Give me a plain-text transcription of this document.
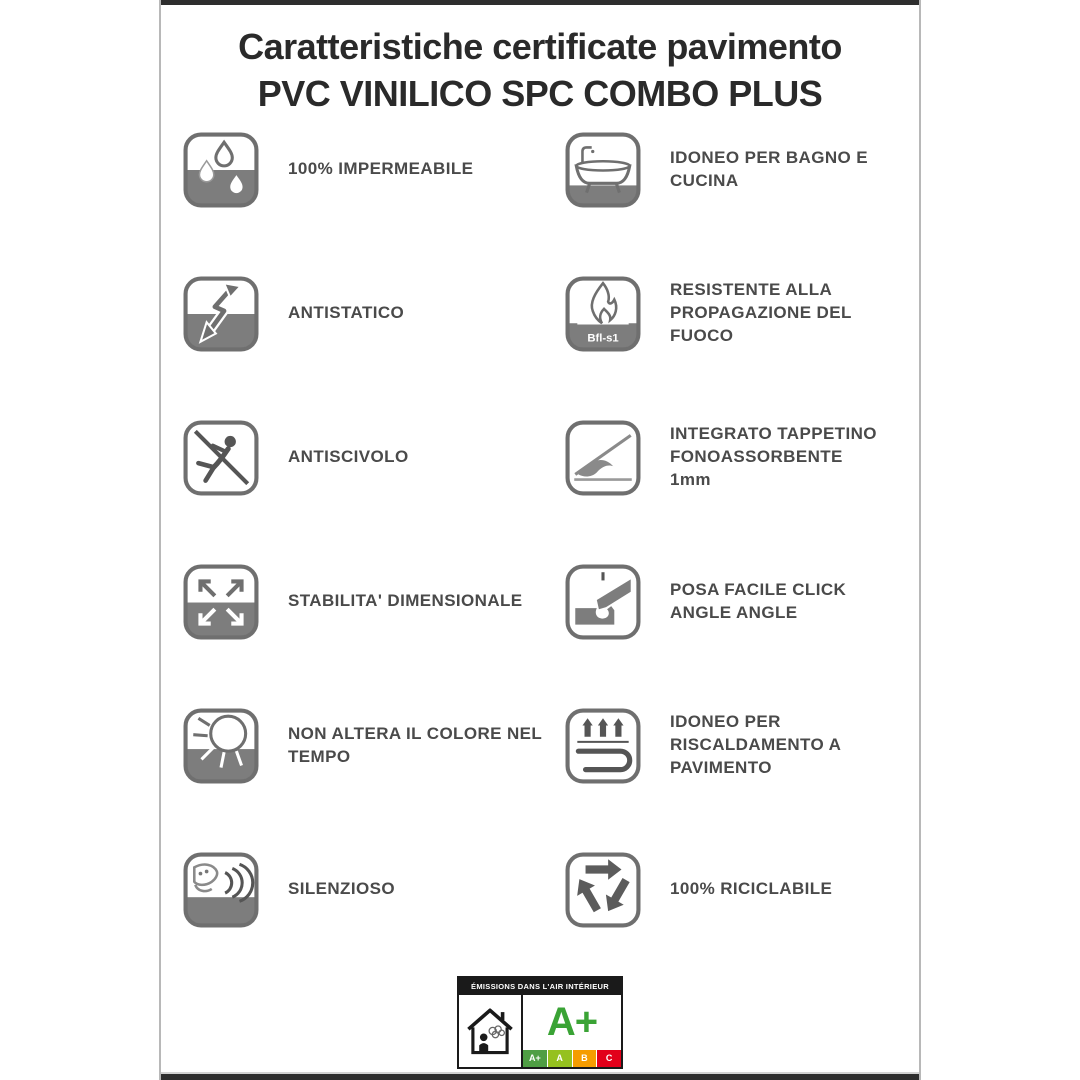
Caratteristiche certificate pavimento
PVC VINILICO SPC COMBO PLUS
100% IMPERMEABILE
IDONEO PER BAGNO E CUCINA
ANTISTATICO
Bfl-s1
RESISTENTE ALLA PROPAGAZIONE DEL FUOCO
ANTISCIVOLO
INTEGRATO TAPPETINO FONOASSORBENTE 1mm
STABILITA' DIMENSIONALE
POSA FACILE CLICK ANGLE ANGLE
NON ALTERA IL COLORE NEL TEMPO
IDONEO PER RISCALDAMENTO A PAVIMENTO
SILENZIOSO	100% RICICLABILE
ÉMISSIONS DANS L'AIR INTÉRIEUR
A+
A+	A	B	C
